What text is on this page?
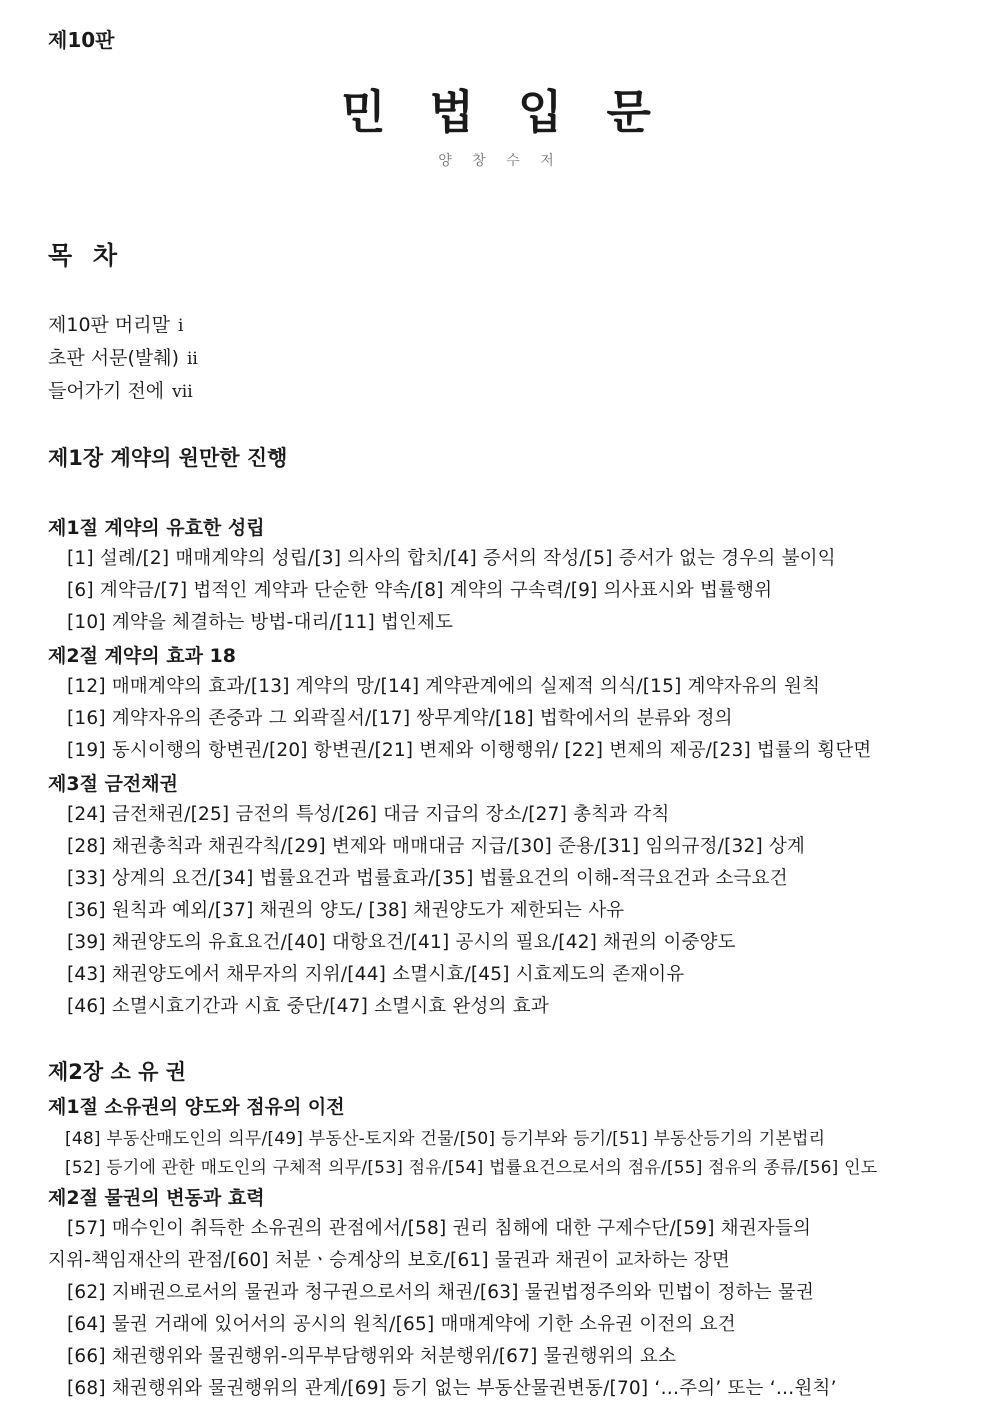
제10판
민 법 입 문
양 창 수 저
목 차
제10판 머리말 i
초판 서문(발췌) ii
들어가기 전에 vii
제1장 계약의 원만한 진행
제1절 계약의 유효한 성립
[1] 설례/[2] 매매계약의 성립/[3] 의사의 합치/[4] 증서의 작성/[5] 증서가 없는 경우의 불이익
[6] 계약금/[7] 법적인 계약과 단순한 약속/[8] 계약의 구속력/[9] 의사표시와 법률행위
[10] 계약을 체결하는 방법-대리/[11] 법인제도
제2절 계약의 효과 18
[12] 매매계약의 효과/[13] 계약의 망/[14] 계약관계에의 실제적 의식/[15] 계약자유의 원칙
[16] 계약자유의 존중과 그 외곽질서/[17] 쌍무계약/[18] 법학에서의 분류와 정의
[19] 동시이행의 항변권/[20] 항변권/[21] 변제와 이행행위/ [22] 변제의 제공/[23] 법률의 횡단면
제3절 금전채권
[24] 금전채권/[25] 금전의 특성/[26] 대금 지급의 장소/[27] 총칙과 각칙
[28] 채권총칙과 채권각칙/[29] 변제와 매매대금 지급/[30] 준용/[31] 임의규정/[32] 상계
[33] 상계의 요건/[34] 법률요건과 법률효과/[35] 법률요건의 이해-적극요건과 소극요건
[36] 원칙과 예외/[37] 채권의 양도/ [38] 채권양도가 제한되는 사유
[39] 채권양도의 유효요건/[40] 대항요건/[41] 공시의 필요/[42] 채권의 이중양도
[43] 채권양도에서 채무자의 지위/[44] 소멸시효/[45] 시효제도의 존재이유
[46] 소멸시효기간과 시효 중단/[47] 소멸시효 완성의 효과
제2장 소 유 권
제1절 소유권의 양도와 점유의 이전
[48] 부동산매도인의 의무/[49] 부동산-토지와 건물/[50] 등기부와 등기/[51] 부동산등기의 기본법리
[52] 등기에 관한 매도인의 구체적 의무/[53] 점유/[54] 법률요건으로서의 점유/[55] 점유의 종류/[56] 인도
제2절 물권의 변동과 효력
[57] 매수인이 취득한 소유권의 관점에서/[58] 권리 침해에 대한 구제수단/[59] 채권자들의
지위-책임재산의 관점/[60] 처분ㆍ승계상의 보호/[61] 물권과 채권이 교차하는 장면
[62] 지배권으로서의 물권과 청구권으로서의 채권/[63] 물권법정주의와 민법이 정하는 물권
[64] 물권 거래에 있어서의 공시의 원칙/[65] 매매계약에 기한 소유권 이전의 요건
[66] 채권행위와 물권행위-의무부담행위와 처분행위/[67] 물권행위의 요소
[68] 채권행위와 물권행위의 관계/[69] 등기 없는 부동산물권변동/[70] ‘…주의’ 또는 ‘…원칙’
